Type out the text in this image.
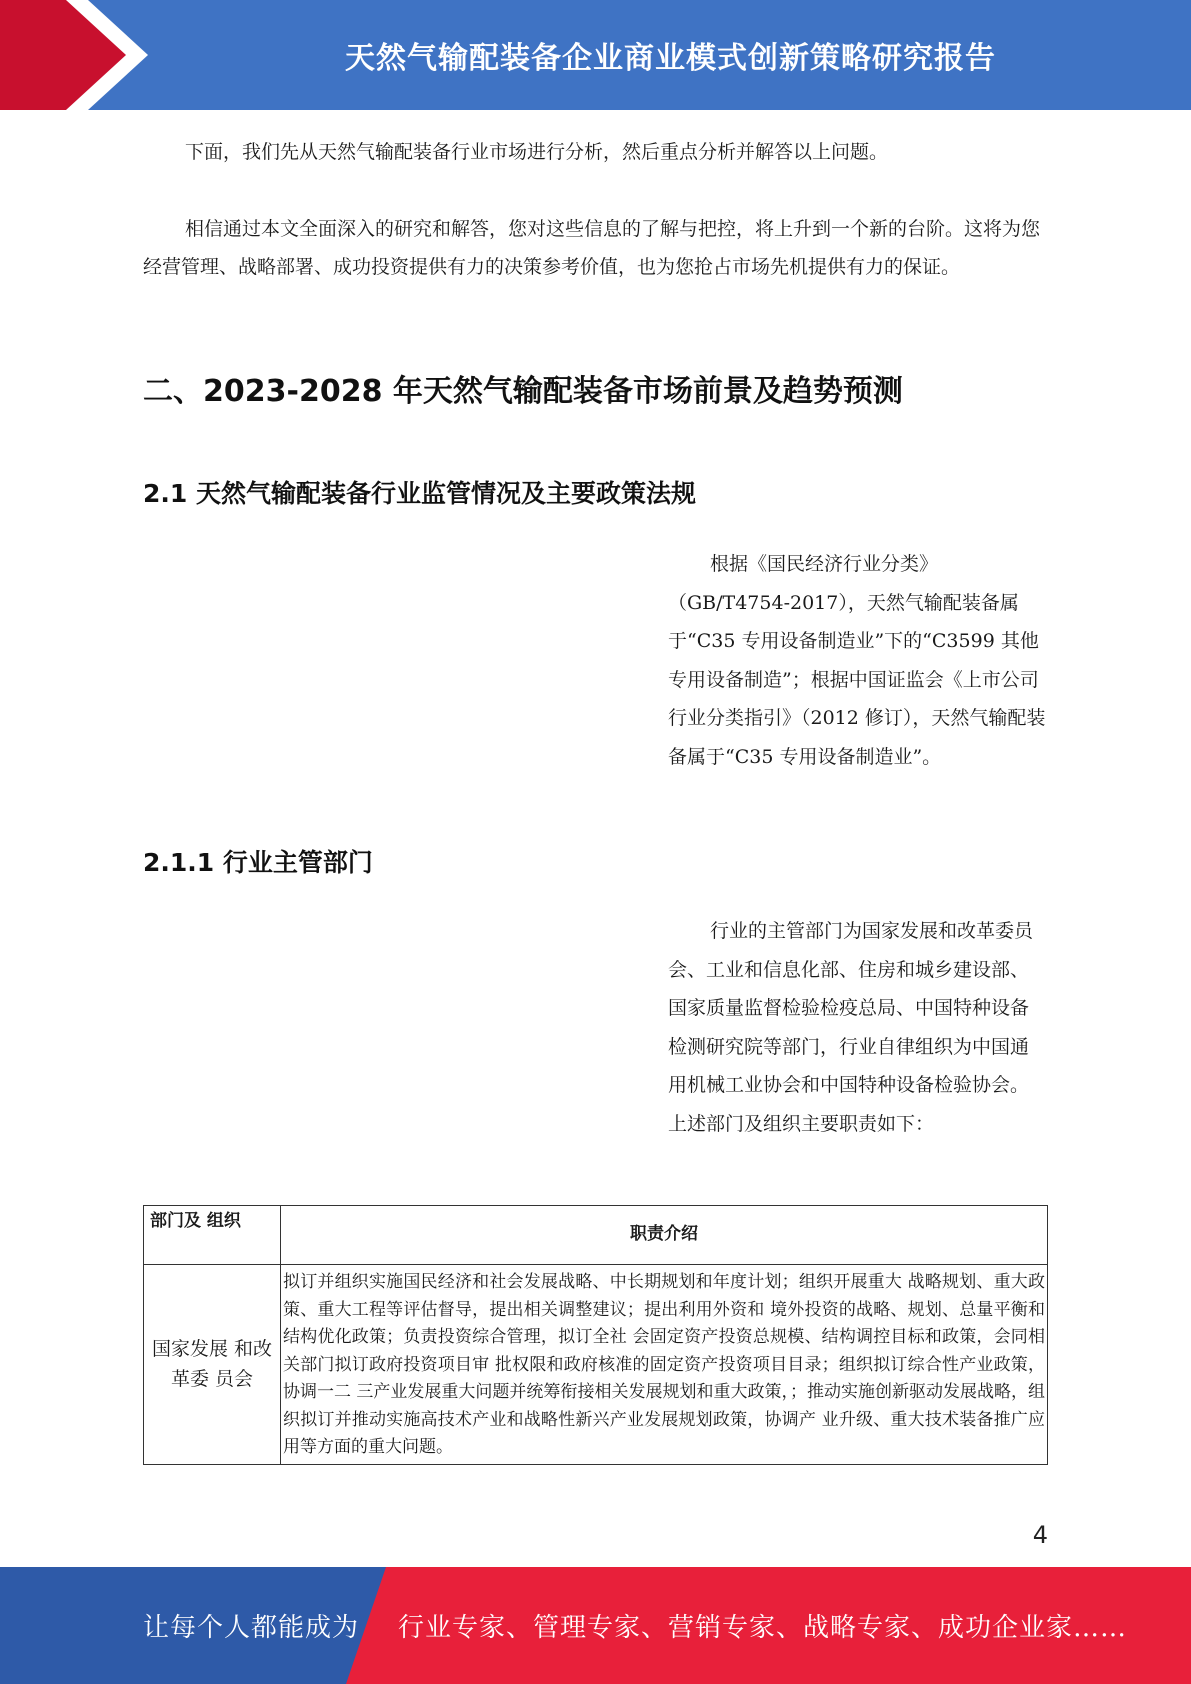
天然气输配装备企业商业模式创新策略研究报告

下面，我们先从天然气输配装备行业市场进行分析，然后重点分析并解答以上问题。

相信通过本文全面深入的研究和解答，您对这些信息的了解与把控，将上升到一个新的台阶。这将为您经营管理、战略部署、成功投资提供有力的决策参考价值，也为您抢占市场先机提供有力的保证。

二、2023-2028 年天然气输配装备市场前景及趋势预测
2.1 天然气输配装备行业监管情况及主要政策法规

根据《国民经济行业分类》（GB/T4754-2017），天然气输配装备属于“C35 专用设备制造业”下的“C3599 其他专用设备制造”；根据中国证监会《上市公司行业分类指引》（2012 修订），天然气输配装备属于“C35 专用设备制造业”。

2.1.1 行业主管部门

行业的主管部门为国家发展和改革委员会、工业和信息化部、住房和城乡建设部、国家质量监督检验检疫总局、中国特种设备检测研究院等部门，行业自律组织为中国通用机械工业协会和中国特种设备检验协会。上述部门及组织主要职责如下：

部门及 组织	职责介绍
国家发展 和改革委 员会	拟订并组织实施国民经济和社会发展战略、中长期规划和年度计划；组织开展重大 战略规划、重大政策、重大工程等评估督导，提出相关调整建议；提出利用外资和 境外投资的战略、规划、总量平衡和结构优化政策；负责投资综合管理，拟订全社 会固定资产投资总规模、结构调控目标和政策，会同相关部门拟订政府投资项目审 批权限和政府核准的固定资产投资项目目录；组织拟订综合性产业政策，协调一二 三产业发展重大问题并统筹衔接相关发展规划和重大政策，；推动实施创新驱动发展战略，组织拟订并推动实施高技术产业和战略性新兴产业发展规划政策，协调产 业升级、重大技术装备推广应用等方面的重大问题。
4
让每个人都能成为 行业专家、管理专家、营销专家、战略专家、成功企业家……
